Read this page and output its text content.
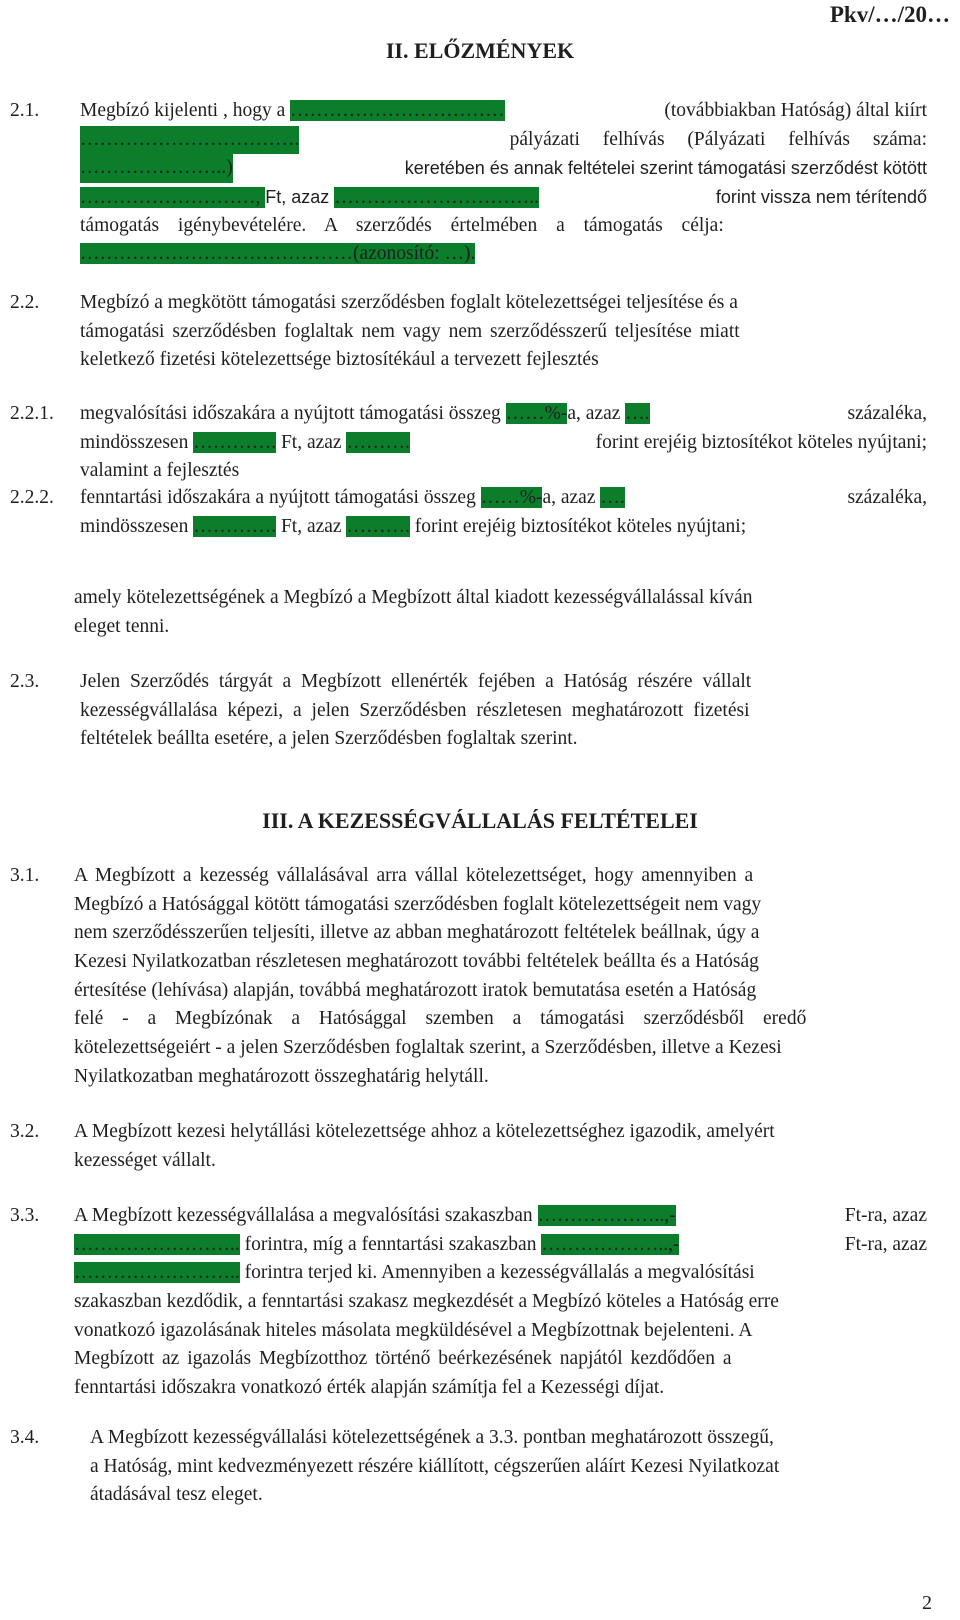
Pkv/…/20…
II. ELŐZMÉNYEK
2.1. Megbízó kijelenti , hogy a ……………………………	(továbbiakban Hatóság) által kiírt
…………………………….	pályázati felhívás (Pályázati felhívás száma:
…………………..)	keretében és annak feltételei szerint támogatási szerződést kötött
………………………, Ft, azaz …………………………..	forint vissza nem térítendő
támogatás igénybevételére. A szerződés értelmében a támogatás célja:
……………………………………(azonosító: …).
2.2. Megbízó a megkötött támogatási szerződésben foglalt kötelezettségei teljesítése és a
támogatási szerződésben foglaltak nem vagy nem szerződésszerű teljesítése miatt
keletkező fizetési kötelezettsége biztosítékául a tervezett fejlesztés
2.2.1. megvalósítási időszakára a nyújtott támogatási összeg ……%-a, azaz ….	százaléka,
mindösszesen …………. Ft, azaz ……….	forint erejéig biztosítékot köteles nyújtani;
valamint a fejlesztés
2.2.2. fenntartási időszakára a nyújtott támogatási összeg ……%-a, azaz ….	százaléka,
mindösszesen …………. Ft, azaz ………. forint erejéig biztosítékot köteles nyújtani;
amely kötelezettségének a Megbízó a Megbízott által kiadott kezességvállalással kíván
eleget tenni.
2.3. Jelen Szerződés tárgyát a Megbízott ellenérték fejében a Hatóság részére vállalt
kezességvállalása képezi, a jelen Szerződésben részletesen meghatározott fizetési
feltételek beállta esetére, a jelen Szerződésben foglaltak szerint.
III. A KEZESSÉGVÁLLALÁS FELTÉTELEI
3.1. A Megbízott a kezesség vállalásával arra vállal kötelezettséget, hogy amennyiben a
Megbízó a Hatósággal kötött támogatási szerződésben foglalt kötelezettségeit nem vagy
nem szerződésszerűen teljesíti, illetve az abban meghatározott feltételek beállnak, úgy a
Kezesi Nyilatkozatban részletesen meghatározott további feltételek beállta és a Hatóság
értesítése (lehívása) alapján, továbbá meghatározott iratok bemutatása esetén a Hatóság
felé - a Megbízónak a Hatósággal szemben a támogatási szerződésből eredő
kötelezettségeiért - a jelen Szerződésben foglaltak szerint, a Szerződésben, illetve a Kezesi
Nyilatkozatban meghatározott összeghatárig helytáll.
3.2. A Megbízott kezesi helytállási kötelezettsége ahhoz a kötelezettséghez igazodik, amelyért
kezességet vállalt.
3.3. A Megbízott kezességvállalása a megvalósítási szakaszban ………………..,-	Ft-ra, azaz
…………………….. forintra, míg a fenntartási szakaszban ………………..,-	Ft-ra, azaz
…………………….. forintra terjed ki. Amennyiben a kezességvállalás a megvalósítási
szakaszban kezdődik, a fenntartási szakasz megkezdését a Megbízó köteles a Hatóság erre
vonatkozó igazolásának hiteles másolata megküldésével a Megbízottnak bejelenteni. A
Megbízott az igazolás Megbízotthoz történő beérkezésének napjától kezdődően a
fenntartási időszakra vonatkozó érték alapján számítja fel a Kezességi díjat.
3.4.	A Megbízott kezességvállalási kötelezettségének a 3.3. pontban meghatározott összegű,
a Hatóság, mint kedvezményezett részére kiállított, cégszerűen aláírt Kezesi Nyilatkozat
átadásával tesz eleget.
2
